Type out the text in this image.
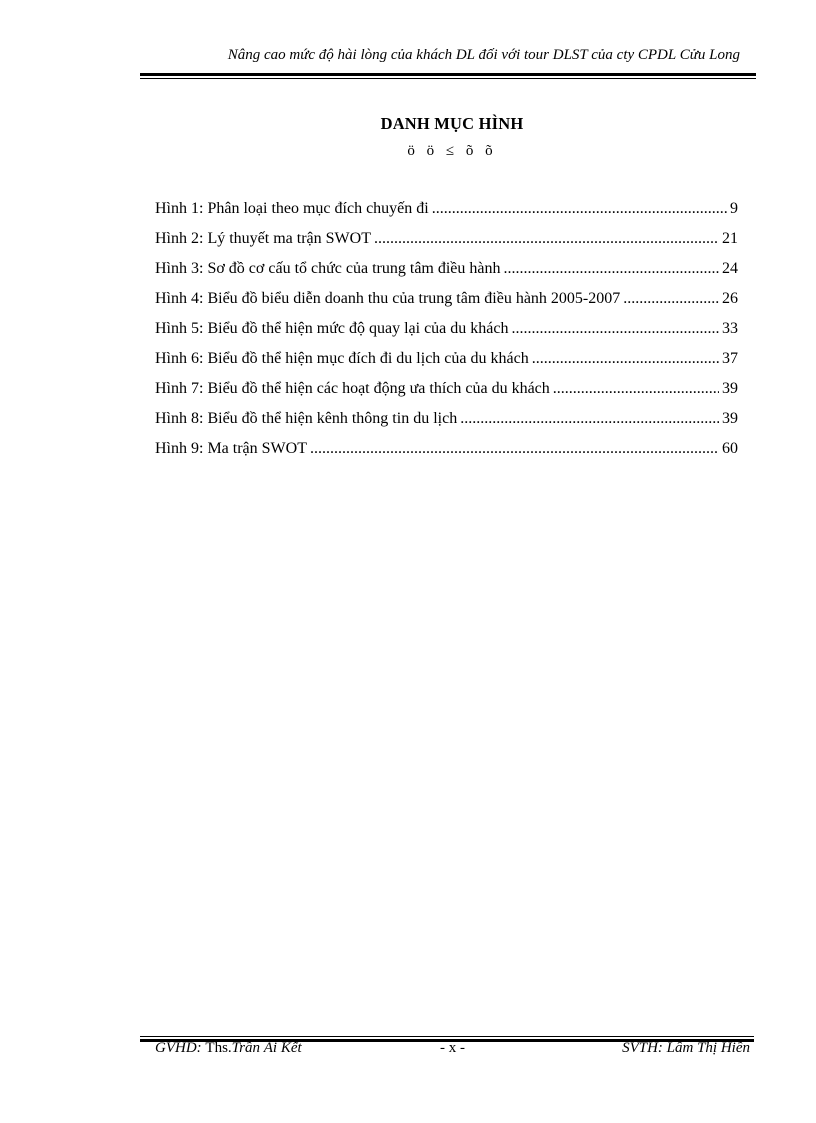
Nâng cao mức độ hài lòng của khách DL đối với tour DLST của cty CPDL Cửu Long
DANH MỤC HÌNH
ö ö ≤ õ õ
Hình 1: Phân loại theo mục đích chuyến đi .....	9
Hình 2: Lý thuyết ma trận SWOT .....	21
Hình 3: Sơ đồ cơ cấu tổ chức của trung tâm điều hành .....	24
Hình 4: Biểu đồ biểu diễn doanh thu của trung tâm điều hành 2005-2007 .....	26
Hình 5: Biểu đồ thể hiện mức độ quay lại của du khách .....	33
Hình 6: Biểu đồ thể hiện mục đích đi du lịch của du khách .....	37
Hình 7: Biểu đồ thể hiện các hoạt động ưa thích của du khách .....	39
Hình 8: Biểu đồ thể hiện kênh thông tin du lịch .....	39
Hình 9: Ma trận SWOT .....	60
GVHD: Ths.Trần Ái Kết	- x -	SVTH: Lâm Thị Hiền
